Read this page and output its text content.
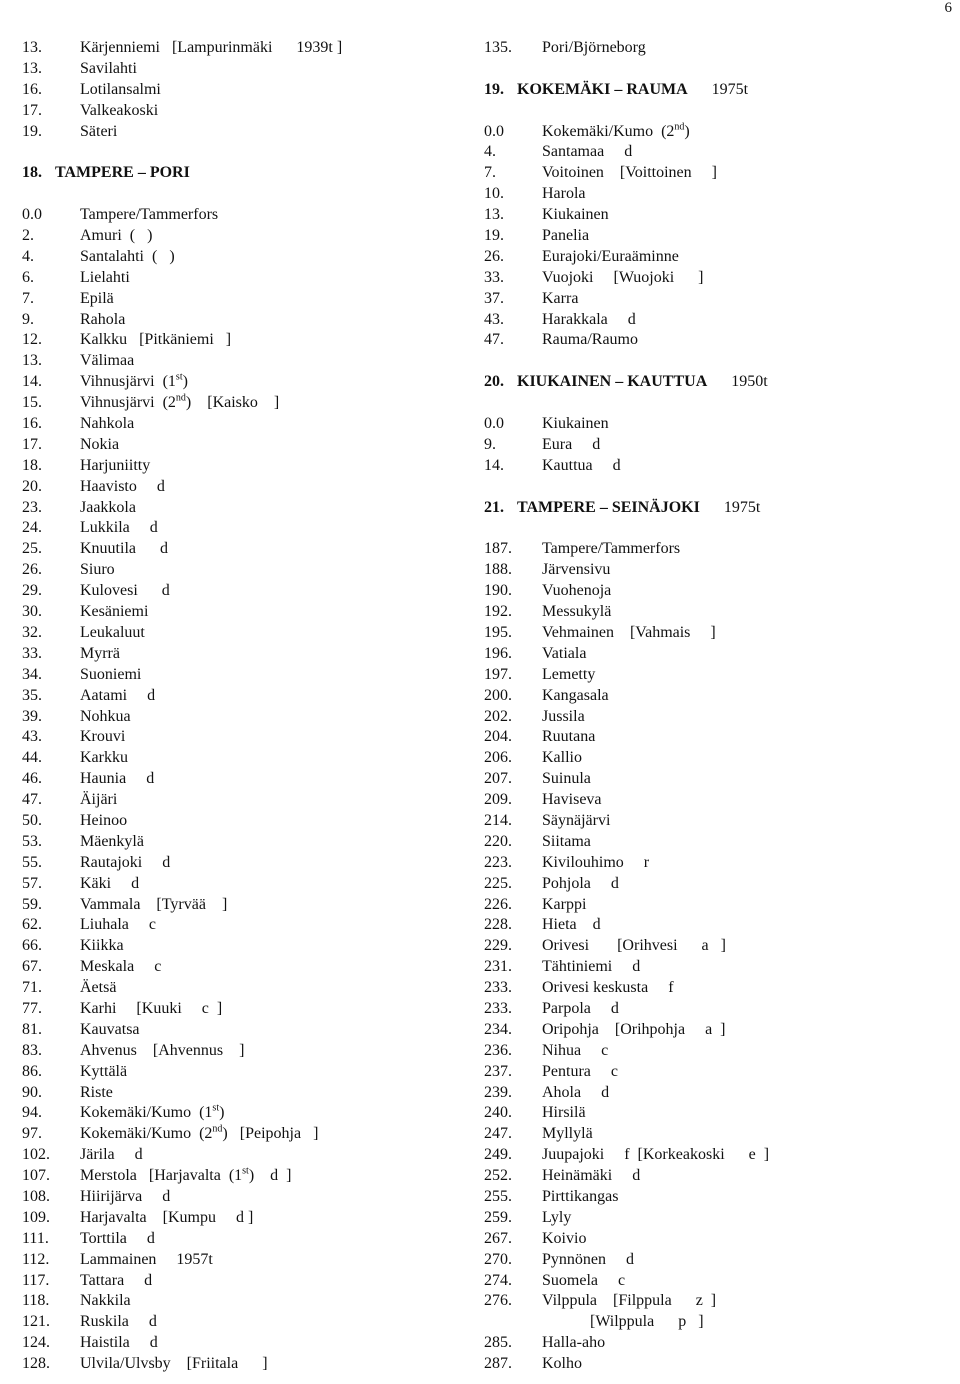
6
13. Kärjenniemi   [Lampurinmäki      1939t ]
13. Savilahti
16. Lotilansalmi
17. Valkeakoski
19. Säteri
18. TAMPERE – PORI
0.0 Tampere/Tammerfors
2.	Amuri  (   )
4.	Santalahti  (   )
6.	Lielahti
7.	Epilä
9.	Rahola
12. Kalkku   [Pitkäniemi   ]
13. Välimaa
14. Vihnusjärvi  (1st)
15. Vihnusjärvi  (2nd)    [Kaisko    ]
16. Nahkola
17. Nokia
18. Harjuniitty
20. Haavisto     d
23. Jaakkola
24. Lukkila     d
25. Knuutila      d
26. Siuro
29. Kulovesi      d
30. Kesäniemi
32. Leukaluut
33. Myrrä
34. Suoniemi
35. Aatami     d
39. Nohkua
43. Krouvi
44. Karkku
46. Haunia     d
47. Äijäri
50. Heinoo
53. Mäenkylä
55. Rautajoki     d
57. Käki     d
59. Vammala    [Tyrvää    ]
62. Liuhala     c
66. Kiikka
67. Meskala     c
71. Äetsä
77. Karhi     [Kuuki     c  ]
81. Kauvatsa
83. Ahvenus    [Ahvennus    ]
86. Kyttälä
90. Riste
94. Kokemäki/Kumo  (1st)
97. Kokemäki/Kumo  (2nd)   [Peipohja   ]
102. Järila     d
107. Merstola   [Harjavalta  (1st)    d  ]
108. Hiirijärva     d
109. Harjavalta    [Kumpu     d ]
111. Torttila     d
112. Lammainen     1957t
117. Tattara     d
118. Nakkila
121. Ruskila     d
124. Haistila     d
128. Ulvila/Ulvsby    [Friitala      ]
135. Pori/Björneborg
19. KOKEMÄKI – RAUMA      1975t
0.0 Kokemäki/Kumo  (2nd)
4.	Santamaa     d
7.	Voitoinen    [Voittoinen     ]
10. Harola
13. Kiukainen
19. Panelia
26. Eurajoki/Euraäminne
33. Vuojoki     [Wuojoki      ]
37. Karra
43. Harakkala     d
47. Rauma/Raumo
20. KIUKAINEN – KAUTTUA      1950t
0.0 Kiukainen
9.	Eura     d
14. Kauttua     d
21. TAMPERE – SEINÄJOKI      1975t
187. Tampere/Tammerfors
188. Järvensivu
190. Vuohenoja
192. Messukylä
195. Vehmainen    [Vahmais     ]
196. Vatiala
197. Lemetty
200. Kangasala
202. Jussila
204. Ruutana
206. Kallio
207. Suinula
209. Haviseva
214. Säynäjärvi
220. Siitama
223. Kivilouhimo     r
225. Pohjola     d
226. Karppi
228. Hieta    d
229. Orivesi       [Orihvesi      a   ]
231. Tähtiniemi     d
233. Orivesi keskusta     f
233. Parpola     d
234. Oripohja    [Orihpohja     a  ]
236. Nihua     c
237. Pentura     c
239. Ahola     d
240. Hirsilä
247. Myllylä
249. Juupajoki     f  [Korkeakoski      e  ]
252. Heinämäki     d
255. Pirttikangas
259. Lyly
267. Koivio
270. Pynnönen     d
274. Suomela     c
276. Vilppula    [Filppula      z  ]
[Wilppula      p   ]
285. Halla-aho
287. Kolho
